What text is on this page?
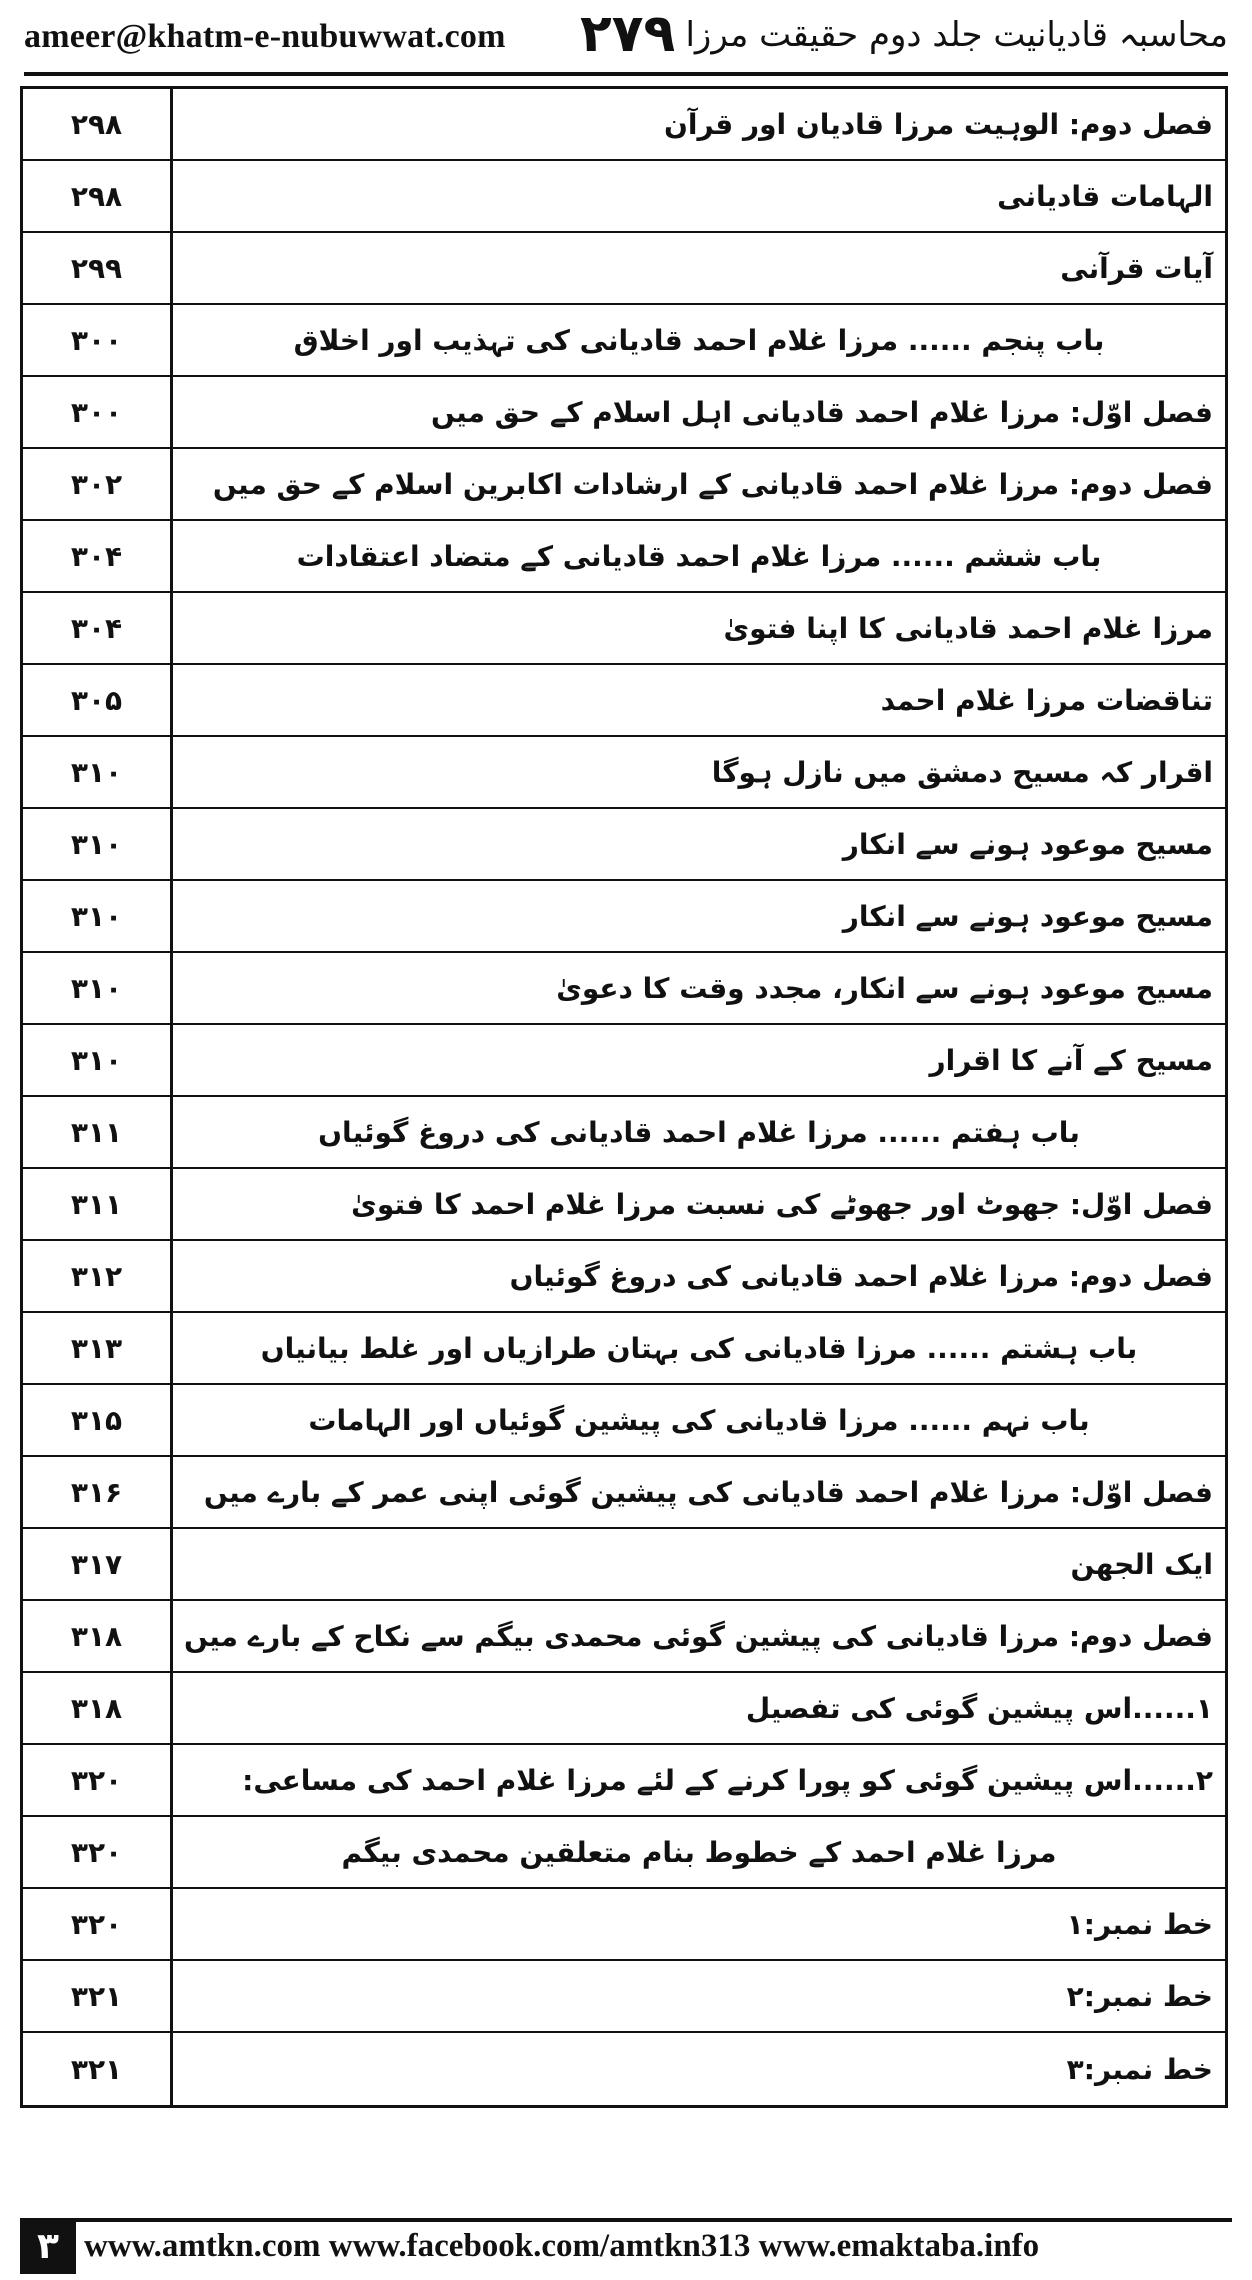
ameer@khatm-e-nubuwwat.com ۲۷۹ محاسبہ قادیانیت جلد دوم حقیقت مرزا
۲۹۸	فصل دوم: الوہیت مرزا قادیان اور قرآن
۲۹۸	الہامات قادیانی
۲۹۹	آیات قرآنی
۳۰۰	باب پنجم ...... مرزا غلام احمد قادیانی کی تہذیب اور اخلاق
۳۰۰	فصل اوّل: مرزا غلام احمد قادیانی اہل اسلام کے حق میں
۳۰۲	فصل دوم: مرزا غلام احمد قادیانی کے ارشادات اکابرین اسلام کے حق میں
۳۰۴	باب ششم ...... مرزا غلام احمد قادیانی کے متضاد اعتقادات
۳۰۴	مرزا غلام احمد قادیانی کا اپنا فتویٰ
۳۰۵	تناقضات مرزا غلام احمد
۳۱۰	اقرار کہ مسیح دمشق میں نازل ہوگا
۳۱۰	مسیح موعود ہونے سے انکار
۳۱۰	مسیح موعود ہونے سے انکار
۳۱۰	مسیح موعود ہونے سے انکار، مجدد وقت کا دعویٰ
۳۱۰	مسیح کے آنے کا اقرار
۳۱۱	باب ہفتم ...... مرزا غلام احمد قادیانی کی دروغ گوئیاں
۳۱۱	فصل اوّل: جھوٹ اور جھوٹے کی نسبت مرزا غلام احمد کا فتویٰ
۳۱۲	فصل دوم: مرزا غلام احمد قادیانی کی دروغ گوئیاں
۳۱۳	باب ہشتم ...... مرزا قادیانی کی بہتان طرازیاں اور غلط بیانیاں
۳۱۵	باب نہم ...... مرزا قادیانی کی پیشین گوئیاں اور الہامات
۳۱۶	فصل اوّل: مرزا غلام احمد قادیانی کی پیشین گوئی اپنی عمر کے بارے میں
۳۱۷	ایک الجھن
۳۱۸	فصل دوم: مرزا قادیانی کی پیشین گوئی محمدی بیگم سے نکاح کے بارے میں
۳۱۸	۱......اس پیشین گوئی کی تفصیل
۳۲۰	۲......اس پیشین گوئی کو پورا کرنے کے لئے مرزا غلام احمد کی مساعی:
۳۲۰	مرزا غلام احمد کے خطوط بنام متعلقین محمدی بیگم
۳۲۰	خط نمبر:۱
۳۲۱	خط نمبر:۲
۳۲۱	خط نمبر:۳
۳ www.amtkn.com www.facebook.com/amtkn313 www.emaktaba.info
